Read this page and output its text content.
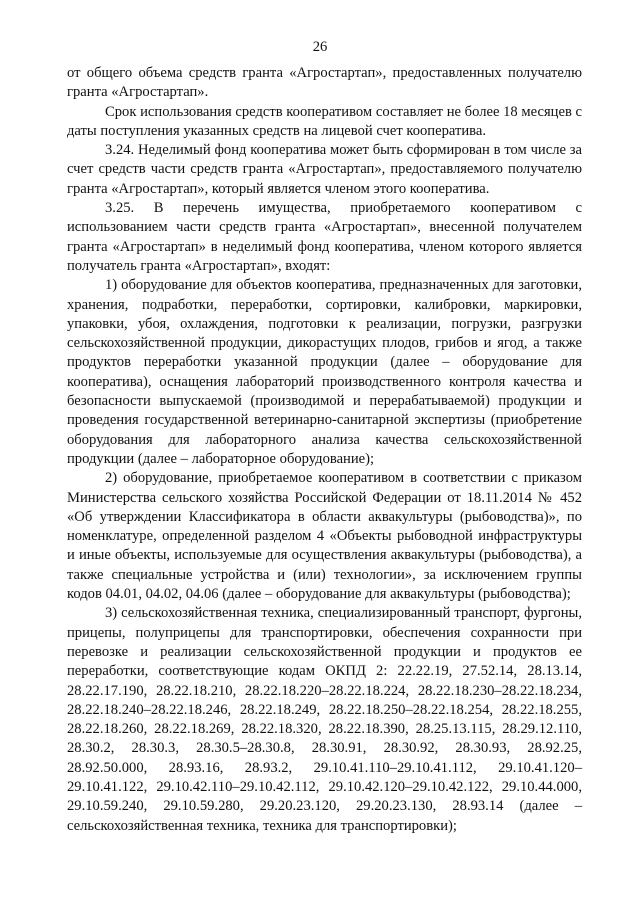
26

от общего объема средств гранта «Агростартап», предоставленных получателю гранта «Агростартап».

Срок использования средств кооперативом составляет не более 18 месяцев с даты поступления указанных средств на лицевой счет кооператива.

3.24. Неделимый фонд кооператива может быть сформирован в том числе за счет средств части средств гранта «Агростартап», предоставляемого получателю гранта «Агростартап», который является членом этого кооператива.

3.25. В перечень имущества, приобретаемого кооперативом с использованием части средств гранта «Агростартап», внесенной получателем гранта «Агростартап» в неделимый фонд кооператива, членом которого является получатель гранта «Агростартап», входят:

1) оборудование для объектов кооператива, предназначенных для заготовки, хранения, подработки, переработки, сортировки, калибровки, маркировки, упаковки, убоя, охлаждения, подготовки к реализации, погрузки, разгрузки сельскохозяйственной продукции, дикорастущих плодов, грибов и ягод, а также продуктов переработки указанной продукции (далее – оборудование для кооператива), оснащения лабораторий производственного контроля качества и безопасности выпускаемой (производимой и перерабатываемой) продукции и проведения государственной ветеринарно-санитарной экспертизы (приобретение оборудования для лабораторного анализа качества сельскохозяйственной продукции (далее – лабораторное оборудование);

2) оборудование, приобретаемое кооперативом в соответствии с приказом Министерства сельского хозяйства Российской Федерации от 18.11.2014 № 452 «Об утверждении Классификатора в области аквакультуры (рыбоводства)», по номенклатуре, определенной разделом 4 «Объекты рыбоводной инфраструктуры и иные объекты, используемые для осуществления аквакультуры (рыбоводства), а также специальные устройства и (или) технологии», за исключением группы кодов 04.01, 04.02, 04.06 (далее – оборудование для аквакультуры (рыбоводства);

3) сельскохозяйственная техника, специализированный транспорт, фургоны, прицепы, полуприцепы для транспортировки, обеспечения сохранности при перевозке и реализации сельскохозяйственной продукции и продуктов ее переработки, соответствующие кодам ОКПД 2: 22.22.19, 27.52.14, 28.13.14, 28.22.17.190, 28.22.18.210, 28.22.18.220–28.22.18.224, 28.22.18.230–28.22.18.234, 28.22.18.240–28.22.18.246, 28.22.18.249, 28.22.18.250–28.22.18.254, 28.22.18.255, 28.22.18.260, 28.22.18.269, 28.22.18.320, 28.22.18.390, 28.25.13.115, 28.29.12.110, 28.30.2, 28.30.3, 28.30.5–28.30.8, 28.30.91, 28.30.92, 28.30.93, 28.92.25, 28.92.50.000, 28.93.16, 28.93.2, 29.10.41.110–29.10.41.112, 29.10.41.120–29.10.41.122, 29.10.42.110–29.10.42.112, 29.10.42.120–29.10.42.122, 29.10.44.000, 29.10.59.240, 29.10.59.280, 29.20.23.120, 29.20.23.130, 28.93.14 (далее – сельскохозяйственная техника, техника для транспортировки);
